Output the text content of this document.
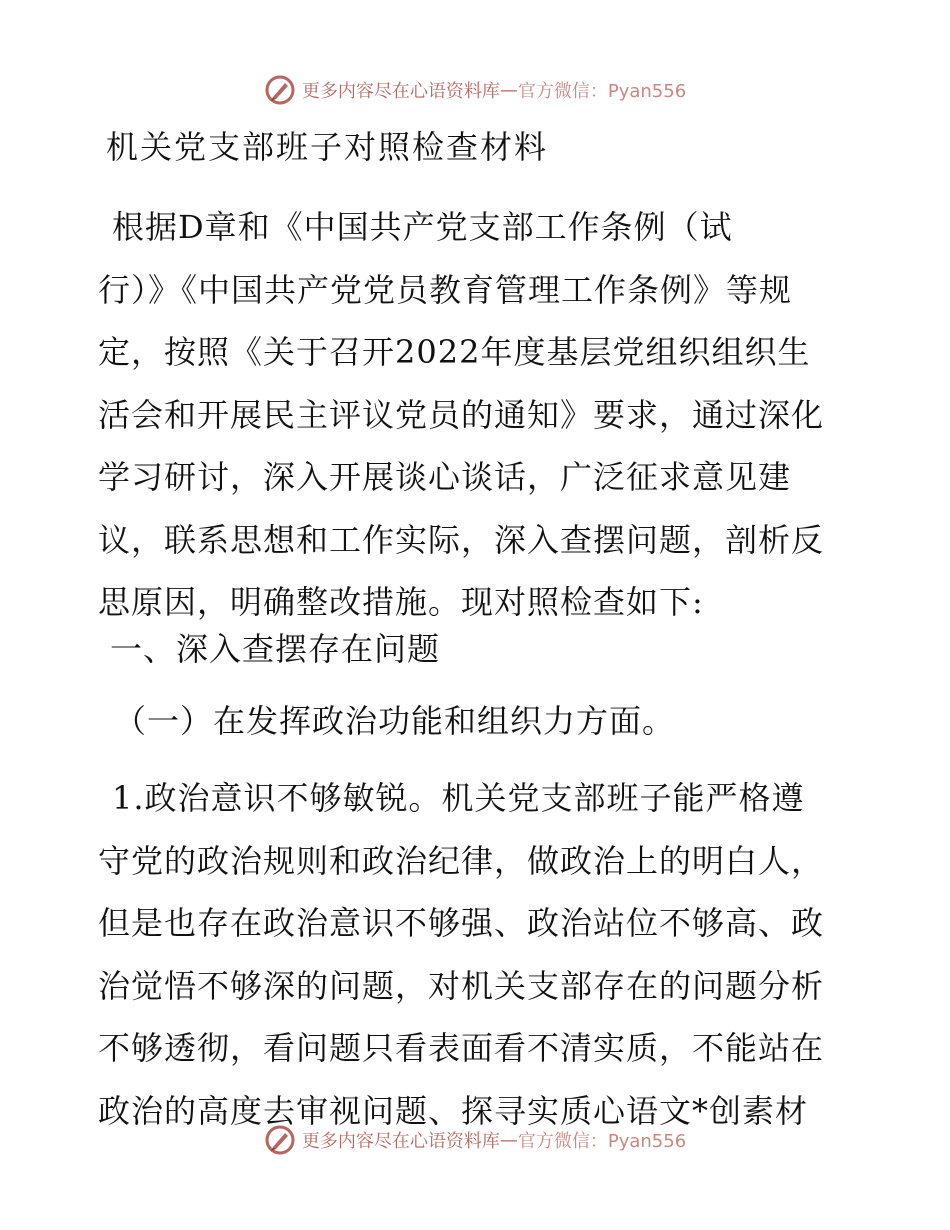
更多内容尽在心语资料库 — 官方微信：Pyan556
机关党支部班子对照检查材料
根据D章和《中国共产党支部工作条例（试
行）》《中国共产党党员教育管理工作条例》等规
定，按照《关于召开2022年度基层党组织组织生
活会和开展民主评议党员的通知》要求，通过深化
学习研讨，深入开展谈心谈话，广泛征求意见建
议，联系思想和工作实际，深入查摆问题，剖析反
思原因，明确整改措施。现对照检查如下:
一、深入查摆存在问题
（一）在发挥政治功能和组织力方面。
1.政治意识不够敏锐。机关党支部班子能严格遵
守党的政治规则和政治纪律，做政治上的明白人，
但是也存在政治意识不够强、政治站位不够高、政
治觉悟不够深的问题，对机关支部存在的问题分析
不够透彻，看问题只看表面看不清实质，不能站在
政治的高度去审视问题、探寻实质心语文*创素材
更多内容尽在心语资料库 — 官方微信：Pyan556
